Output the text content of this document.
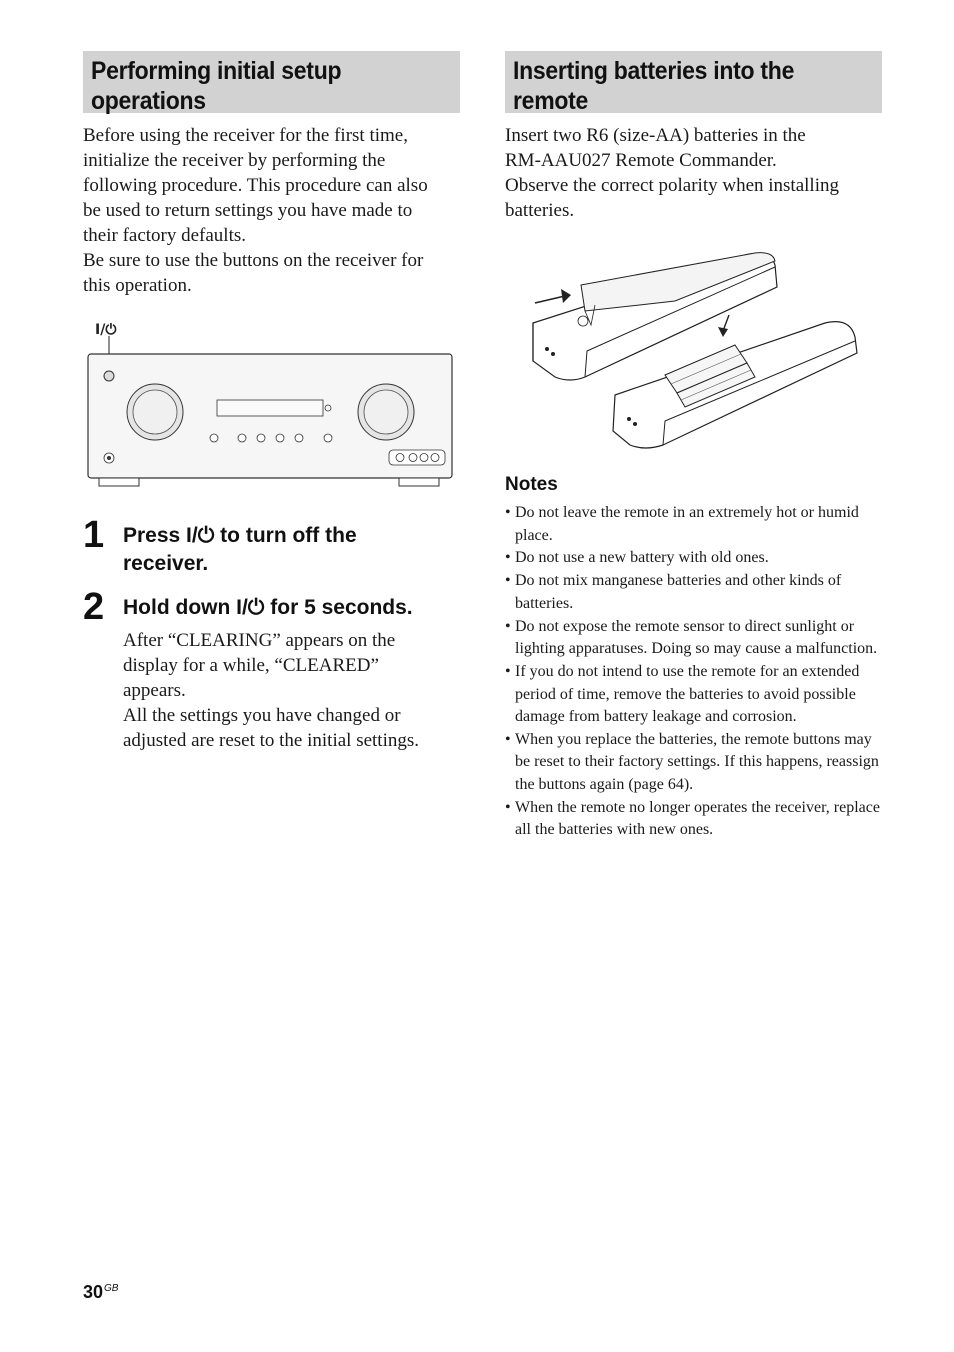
Performing initial setup operations

Before using the receiver for the first time,

initialize the receiver by performing the

following procedure. This procedure can also

be used to return settings you have made to

their factory defaults.

Be sure to use the buttons on the receiver for

this operation.

I/⏻
1 Press I/⏻ to turn off the
receiver.
2 Hold down I/⏻ for 5 seconds.

After “CLEARING” appears on the

display for a while, “CLEARED”

appears.

All the settings you have changed or

adjusted are reset to the initial settings.

Inserting batteries into the remote

Insert two R6 (size-AA) batteries in the

RM-AAU027 Remote Commander.

Observe the correct polarity when installing

batteries.

Notes
• Do not leave the remote in an extremely hot or humid place.
• Do not use a new battery with old ones.
• Do not mix manganese batteries and other kinds of batteries.
• Do not expose the remote sensor to direct sunlight or lighting apparatuses. Doing so may cause a malfunction.
• If you do not intend to use the remote for an extended period of time, remove the batteries to avoid possible damage from battery leakage and corrosion.
• When you replace the batteries, the remote buttons may be reset to their factory settings. If this happens, reassign the buttons again (page 64).
• When the remote no longer operates the receiver, replace all the batteries with new ones.
$30^{GB}$
